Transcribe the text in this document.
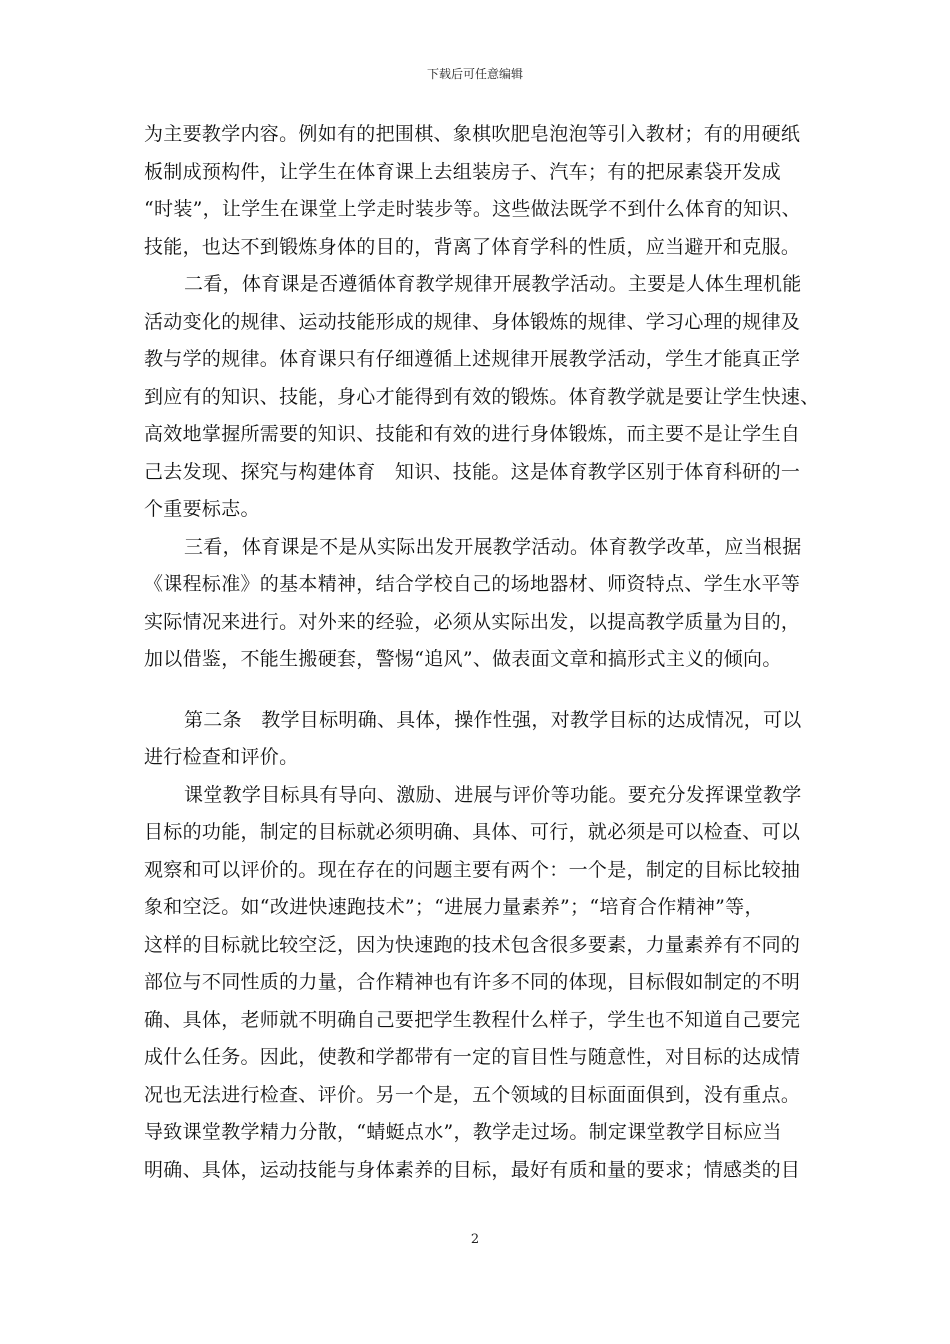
下载后可任意编辑
为主要教学内容。例如有的把围棋、象棋吹肥皂泡泡等引入教材；有的用硬纸
板制成预构件，让学生在体育课上去组装房子、汽车；有的把尿素袋开发成
“时装”，让学生在课堂上学走时装步等。这些做法既学不到什么体育的知识、
技能，也达不到锻炼身体的目的，背离了体育学科的性质，应当避开和克服。
二看，体育课是否遵循体育教学规律开展教学活动。主要是人体生理机能
活动变化的规律、运动技能形成的规律、身体锻炼的规律、学习心理的规律及
教与学的规律。体育课只有仔细遵循上述规律开展教学活动，学生才能真正学
到应有的知识、技能，身心才能得到有效的锻炼。体育教学就是要让学生快速、
高效地掌握所需要的知识、技能和有效的进行身体锻炼，而主要不是让学生自
己去发现、探究与构建体育　知识、技能。这是体育教学区别于体育科研的一
个重要标志。
三看，体育课是不是从实际出发开展教学活动。体育教学改革，应当根据
《课程标准》的基本精神，结合学校自己的场地器材、师资特点、学生水平等
实际情况来进行。对外来的经验，必须从实际出发，以提高教学质量为目的，
加以借鉴，不能生搬硬套，警惕“追风”、做表面文章和搞形式主义的倾向。
第二条　教学目标明确、具体，操作性强，对教学目标的达成情况，可以
进行检查和评价。
课堂教学目标具有导向、激励、进展与评价等功能。要充分发挥课堂教学
目标的功能，制定的目标就必须明确、具体、可行，就必须是可以检查、可以
观察和可以评价的。现在存在的问题主要有两个：一个是，制定的目标比较抽
象和空泛。如“改进快速跑技术”；“进展力量素养”；“培育合作精神”等，
这样的目标就比较空泛，因为快速跑的技术包含很多要素，力量素养有不同的
部位与不同性质的力量，合作精神也有许多不同的体现，目标假如制定的不明
确、具体，老师就不明确自己要把学生教程什么样子，学生也不知道自己要完
成什么任务。因此，使教和学都带有一定的盲目性与随意性，对目标的达成情
况也无法进行检查、评价。另一个是，五个领域的目标面面俱到，没有重点。
导致课堂教学精力分散，“蜻蜓点水”，教学走过场。制定课堂教学目标应当
明确、具体，运动技能与身体素养的目标，最好有质和量的要求；情感类的目
2
